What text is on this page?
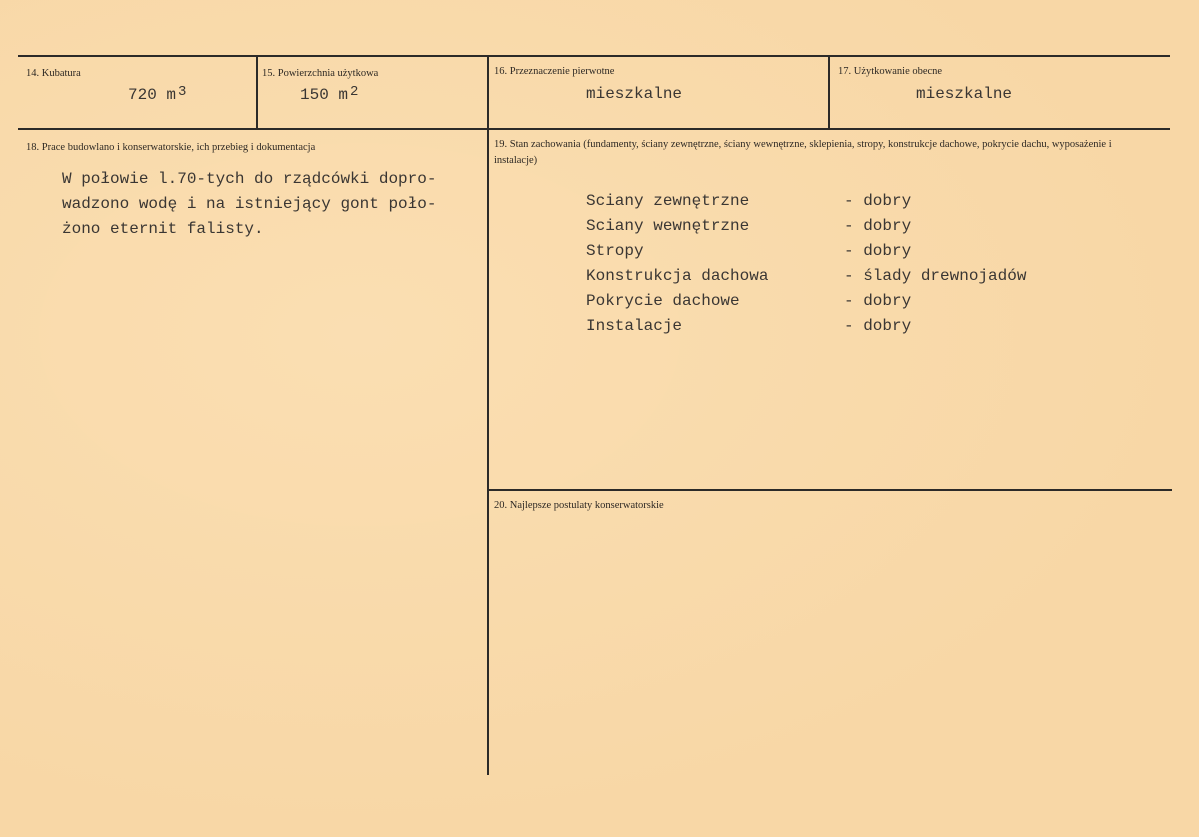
14. Kubatura
720 m $^3$
15. Powierzchnia użytkowa
150 m $^2$
16. Przeznaczenie pierwotne
mieszkalne
17. Użytkowanie obecne
mieszkalne
18. Prace budowlano i konserwatorskie, ich przebieg i dokumentacja
W połowie l.70-tych do rządcówki dopro-
wadzono wodę i na istniejący gont poło-
żono eternit falisty.
19. Stan zachowania (fundamenty, ściany zewnętrzne, ściany wewnętrzne, sklepienia, stropy, konstrukcje dachowe, pokrycie dachu, wyposażenie i instalacje)
Sciany zewnętrzne	- dobry
Sciany wewnętrzne	- dobry
Stropy	- dobry
Konstrukcja dachowa	- ślady drewnojadów
Pokrycie dachowe	- dobry
Instalacje	- dobry
20. Najlepsze postulaty konserwatorskie
